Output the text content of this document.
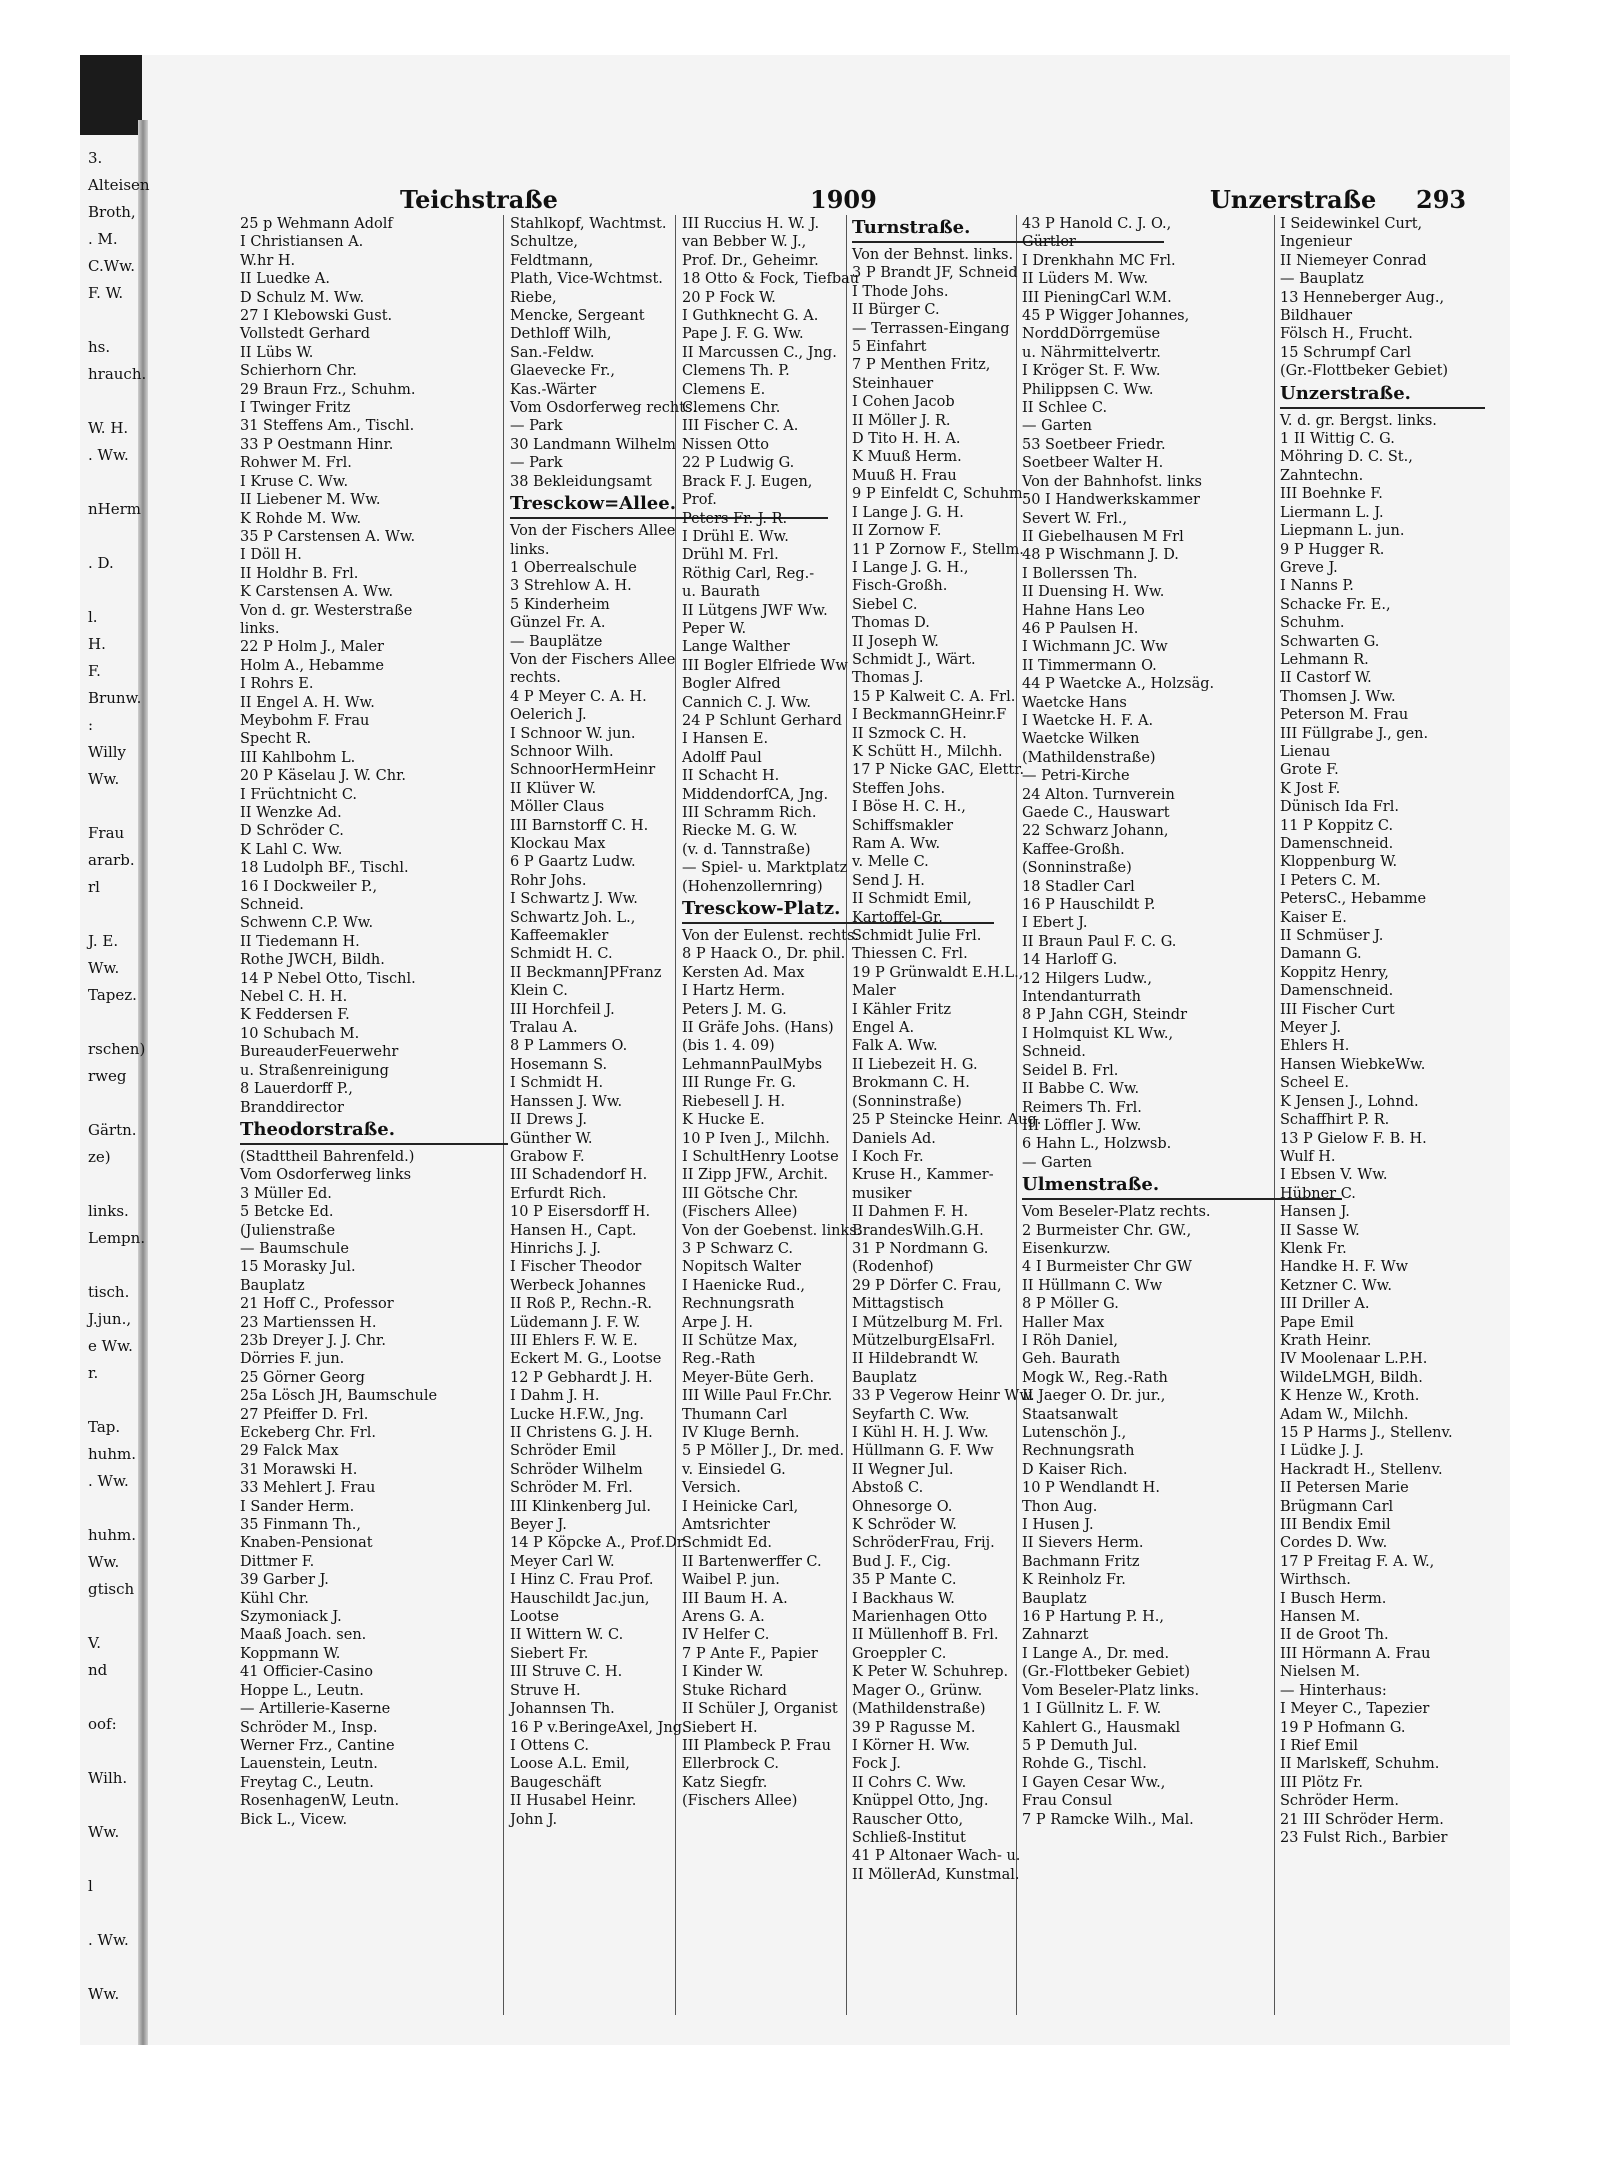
3.
Alteisen
Broth,
. M.
C.Ww.
F. W.
hs.
hrauch.
W. H.
. Ww.
nHerm
. D.
l.
H.
F.
Brunw.
:
Willy
Ww.
Frau
ararb.
rl
J. E.
Ww.
Tapez.
rschen)
rweg
Gärtn.
ze)
links.
Lempn.
tisch.
J.jun.,
e Ww.
r.
Tap.
huhm.
. Ww.
huhm.
Ww.
gtisch
V.
nd
oof:
Wilh.
Ww.
l
. Ww.
Ww.
Teichstraße	1909	Unzerstraße 293
25 p Wehmann Adolf
I Christiansen A.
W.hr H.
II Luedke A.
D Schulz M. Ww.
27 I Klebowski Gust.
Vollstedt Gerhard
II Lübs W.
Schierhorn Chr.
29 Braun Frz., Schuhm.
I Twinger Fritz
31 Steffens Am., Tischl.
33 P Oestmann Hinr.
Rohwer M. Frl.
I Kruse C. Ww.
II Liebener M. Ww.
K Rohde M. Ww.
35 P Carstensen A. Ww.
I Döll H.
II Holdhr B. Frl.
K Carstensen A. Ww.
Von d. gr. Westerstraße
links.
22 P Holm J., Maler
Holm A., Hebamme
I Rohrs E.
II Engel A. H. Ww.
Meybohm F. Frau
Specht R.
III Kahlbohm L.
20 P Käselau J. W. Chr.
I Früchtnicht C.
II Wenzke Ad.
D Schröder C.
K Lahl C. Ww.
18 Ludolph BF., Tischl.
16 I Dockweiler P.,
Schneid.
Schwenn C.P. Ww.
II Tiedemann H.
Rothe JWCH, Bildh.
14 P Nebel Otto, Tischl.
Nebel C. H. H.
K Feddersen F.
10 Schubach M.
BureauderFeuerwehr
u. Straßenreinigung
8 Lauerdorff P.,
Branddirector
Theodorstraße.
(Stadttheil Bahrenfeld.)
Vom Osdorferweg links
3 Müller Ed.
5 Betcke Ed.
(Julienstraße
— Baumschule
15 Morasky Jul.
Bauplatz
21 Hoff C., Professor
23 Martienssen H.
23b Dreyer J. J. Chr.
Dörries F. jun.
25 Görner Georg
25a Lösch JH, Baumschule
27 Pfeiffer D. Frl.
Eckeberg Chr. Frl.
29 Falck Max
31 Morawski H.
33 Mehlert J. Frau
I Sander Herm.
35 Finmann Th.,
Knaben-Pensionat
Dittmer F.
39 Garber J.
Kühl Chr.
Szymoniack J.
Maaß Joach. sen.
Koppmann W.
41 Officier-Casino
Hoppe L., Leutn.
— Artillerie-Kaserne
Schröder M., Insp.
Werner Frz., Cantine
Lauenstein, Leutn.
Freytag C., Leutn.
RosenhagenW, Leutn.
Bick L., Vicew.
Stahlkopf, Wachtmst.
Schultze,
Feldtmann,
Plath, Vice-Wchtmst.
Riebe,
Mencke, Sergeant
Dethloff Wilh,
San.-Feldw.
Glaevecke Fr.,
Kas.-Wärter
Vom Osdorferweg rechts.
— Park
30 Landmann Wilhelm
— Park
38 Bekleidungsamt
Tresckow=Allee.
Von der Fischers Allee
links.
1 Oberrealschule
3 Strehlow A. H.
5 Kinderheim
Günzel Fr. A.
— Bauplätze
Von der Fischers Allee
rechts.
4 P Meyer C. A. H.
Oelerich J.
I Schnoor W. jun.
Schnoor Wilh.
SchnoorHermHeinr
II Klüver W.
Möller Claus
III Barnstorff C. H.
Klockau Max
6 P Gaartz Ludw.
Rohr Johs.
I Schwartz J. Ww.
Schwartz Joh. L.,
Kaffeemakler
Schmidt H. C.
II BeckmannJPFranz
Klein C.
III Horchfeil J.
Tralau A.
8 P Lammers O.
Hosemann S.
I Schmidt H.
Hanssen J. Ww.
II Drews J.
Günther W.
Grabow F.
III Schadendorf H.
Erfurdt Rich.
10 P Eisersdorff H.
Hansen H., Capt.
Hinrichs J. J.
I Fischer Theodor
Werbeck Johannes
II Roß P., Rechn.-R.
Lüdemann J. F. W.
III Ehlers F. W. E.
Eckert M. G., Lootse
12 P Gebhardt J. H.
I Dahm J. H.
Lucke H.F.W., Jng.
II Christens G. J. H.
Schröder Emil
Schröder Wilhelm
Schröder M. Frl.
III Klinkenberg Jul.
Beyer J.
14 P Köpcke A., Prof.Dr.
Meyer Carl W.
I Hinz C. Frau Prof.
Hauschildt Jac.jun,
Lootse
II Wittern W. C.
Siebert Fr.
III Struve C. H.
Struve H.
Johannsen Th.
16 P v.BeringeAxel, Jng.
I Ottens C.
Loose A.L. Emil,
Baugeschäft
II Husabel Heinr.
John J.
III Ruccius H. W. J.
van Bebber W. J.,
Prof. Dr., Geheimr.
18 Otto & Fock, Tiefbau
20 P Fock W.
I Guthknecht G. A.
Pape J. F. G. Ww.
II Marcussen C., Jng.
Clemens Th. P.
Clemens E.
Clemens Chr.
III Fischer C. A.
Nissen Otto
22 P Ludwig G.
Brack F. J. Eugen,
Prof.
Peters Fr. J. R.
I Drühl E. Ww.
Drühl M. Frl.
Röthig Carl, Reg.-
u. Baurath
II Lütgens JWF Ww.
Peper W.
Lange Walther
III Bogler Elfriede Ww
Bogler Alfred
Cannich C. J. Ww.
24 P Schlunt Gerhard
I Hansen E.
Adolff Paul
II Schacht H.
MiddendorfCA, Jng.
III Schramm Rich.
Riecke M. G. W.
(v. d. Tannstraße)
— Spiel- u. Marktplatz
(Hohenzollernring)
Tresckow-Platz.
Von der Eulenst. rechts.
8 P Haack O., Dr. phil.
Kersten Ad. Max
I Hartz Herm.
Peters J. M. G.
II Gräfe Johs. (Hans)
(bis 1. 4. 09)
LehmannPaulMybs
III Runge Fr. G.
Riebesell J. H.
K Hucke E.
10 P Iven J., Milchh.
I SchultHenry Lootse
II Zipp JFW., Archit.
III Götsche Chr.
(Fischers Allee)
Von der Goebenst. links.
3 P Schwarz C.
Nopitsch Walter
I Haenicke Rud.,
Rechnungsrath
Arpe J. H.
II Schütze Max,
Reg.-Rath
Meyer-Büte Gerh.
III Wille Paul Fr.Chr.
Thumann Carl
IV Kluge Bernh.
5 P Möller J., Dr. med.
v. Einsiedel G.
Versich.
I Heinicke Carl,
Amtsrichter
Schmidt Ed.
II Bartenwerffer C.
Waibel P. jun.
III Baum H. A.
Arens G. A.
IV Helfer C.
7 P Ante F., Papier
I Kinder W.
Stuke Richard
II Schüler J, Organist
Siebert H.
III Plambeck P. Frau
Ellerbrock C.
Katz Siegfr.
(Fischers Allee)
Turnstraße.
Von der Behnst. links.
3 P Brandt JF, Schneid
I Thode Johs.
II Bürger C.
— Terrassen-Eingang
5 Einfahrt
7 P Menthen Fritz,
Steinhauer
I Cohen Jacob
II Möller J. R.
D Tito H. H. A.
K Muuß Herm.
Muuß H. Frau
9 P Einfeldt C, Schuhm.
I Lange J. G. H.
II Zornow F.
11 P Zornow F., Stellm.
I Lange J. G. H.,
Fisch-Großh.
Siebel C.
Thomas D.
II Joseph W.
Schmidt J., Wärt.
Thomas J.
15 P Kalweit C. A. Frl.
I BeckmannGHeinr.F
II Szmock C. H.
K Schütt H., Milchh.
17 P Nicke GAC, Elettr.
Steffen Johs.
I Böse H. C. H.,
Schiffsmakler
Ram A. Ww.
v. Melle C.
Send J. H.
II Schmidt Emil,
Kartoffel-Gr.
Schmidt Julie Frl.
Thiessen C. Frl.
19 P Grünwaldt E.H.L.,
Maler
I Kähler Fritz
Engel A.
Falk A. Ww.
II Liebezeit H. G.
Brokmann C. H.
(Sonninstraße)
25 P Steincke Heinr. Aug.
Daniels Ad.
I Koch Fr.
Kruse H., Kammer-
musiker
II Dahmen F. H.
BrandesWilh.G.H.
31 P Nordmann G.
(Rodenhof)
29 P Dörfer C. Frau,
Mittagstisch
I Mützelburg M. Frl.
MützelburgElsaFrl.
II Hildebrandt W.
Bauplatz
33 P Vegerow Heinr Ww.
Seyfarth C. Ww.
I Kühl H. H. J. Ww.
Hüllmann G. F. Ww
II Wegner Jul.
Abstoß C.
Ohnesorge O.
K Schröder W.
SchröderFrau, Frij.
Bud J. F., Cig.
35 P Mante C.
I Backhaus W.
Marienhagen Otto
II Müllenhoff B. Frl.
Groeppler C.
K Peter W. Schuhrep.
Mager O., Grünw.
(Mathildenstraße)
39 P Ragusse M.
I Körner H. Ww.
Fock J.
II Cohrs C. Ww.
Knüppel Otto, Jng.
Rauscher Otto,
Schließ-Institut
41 P Altonaer Wach- u.
II MöllerAd, Kunstmal.
43 P Hanold C. J. O.,
Gürtler
I Drenkhahn MC Frl.
II Lüders M. Ww.
III PieningCarl W.M.
45 P Wigger Johannes,
NorddDörrgemüse
u. Nährmittelvertr.
I Kröger St. F. Ww.
Philippsen C. Ww.
II Schlee C.
— Garten
53 Soetbeer Friedr.
Soetbeer Walter H.
Von der Bahnhofst. links
50 I Handwerkskammer
Severt W. Frl.,
II Giebelhausen M Frl
48 P Wischmann J. D.
I Bollerssen Th.
II Duensing H. Ww.
Hahne Hans Leo
46 P Paulsen H.
I Wichmann JC. Ww
II Timmermann O.
44 P Waetcke A., Holzsäg.
Waetcke Hans
I Waetcke H. F. A.
Waetcke Wilken
(Mathildenstraße)
— Petri-Kirche
24 Alton. Turnverein
Gaede C., Hauswart
22 Schwarz Johann,
Kaffee-Großh.
(Sonninstraße)
18 Stadler Carl
16 P Hauschildt P.
I Ebert J.
II Braun Paul F. C. G.
14 Harloff G.
12 Hilgers Ludw.,
Intendanturrath
8 P Jahn CGH, Steindr
I Holmquist KL Ww.,
Schneid.
Seidel B. Frl.
II Babbe C. Ww.
Reimers Th. Frl.
III Löffler J. Ww.
6 Hahn L., Holzwsb.
— Garten
Ulmenstraße.
Vom Beseler-Platz rechts.
2 Burmeister Chr. GW.,
Eisenkurzw.
4 I Burmeister Chr GW
II Hüllmann C. Ww
8 P Möller G.
Haller Max
I Röh Daniel,
Geh. Baurath
Mogk W., Reg.-Rath
II Jaeger O. Dr. jur.,
Staatsanwalt
Lutenschön J.,
Rechnungsrath
D Kaiser Rich.
10 P Wendlandt H.
Thon Aug.
I Husen J.
II Sievers Herm.
Bachmann Fritz
K Reinholz Fr.
Bauplatz
16 P Hartung P. H.,
Zahnarzt
I Lange A., Dr. med.
(Gr.-Flottbeker Gebiet)
Vom Beseler-Platz links.
1 I Güllnitz L. F. W.
Kahlert G., Hausmakl
5 P Demuth Jul.
Rohde G., Tischl.
I Gayen Cesar Ww.,
Frau Consul
7 P Ramcke Wilh., Mal.
I Seidewinkel Curt,
Ingenieur
II Niemeyer Conrad
— Bauplatz
13 Henneberger Aug.,
Bildhauer
Fölsch H., Frucht.
15 Schrumpf Carl
(Gr.-Flottbeker Gebiet)
Unzerstraße.
V. d. gr. Bergst. links.
1 II Wittig C. G.
Möhring D. C. St.,
Zahntechn.
III Boehnke F.
Liermann L. J.
Liepmann L. jun.
9 P Hugger R.
Greve J.
I Nanns P.
Schacke Fr. E.,
Schuhm.
Schwarten G.
Lehmann R.
II Castorf W.
Thomsen J. Ww.
Peterson M. Frau
III Füllgrabe J., gen.
Lienau
Grote F.
K Jost F.
Dünisch Ida Frl.
11 P Koppitz C.
Damenschneid.
Kloppenburg W.
I Peters C. M.
PetersC., Hebamme
Kaiser E.
II Schmüser J.
Damann G.
Koppitz Henry,
Damenschneid.
III Fischer Curt
Meyer J.
Ehlers H.
Hansen WiebkeWw.
Scheel E.
K Jensen J., Lohnd.
Schaffhirt P. R.
13 P Gielow F. B. H.
Wulf H.
I Ebsen V. Ww.
Hübner C.
Hansen J.
II Sasse W.
Klenk Fr.
Handke H. F. Ww
Ketzner C. Ww.
III Driller A.
Pape Emil
Krath Heinr.
IV Moolenaar L.P.H.
WildeLMGH, Bildh.
K Henze W., Kroth.
Adam W., Milchh.
15 P Harms J., Stellenv.
I Lüdke J. J.
Hackradt H., Stellenv.
II Petersen Marie
Brügmann Carl
III Bendix Emil
Cordes D. Ww.
17 P Freitag F. A. W.,
Wirthsch.
I Busch Herm.
Hansen M.
II de Groot Th.
III Hörmann A. Frau
Nielsen M.
— Hinterhaus:
I Meyer C., Tapezier
19 P Hofmann G.
I Rief Emil
II Marlskeff, Schuhm.
III Plötz Fr.
Schröder Herm.
21 III Schröder Herm.
23 Fulst Rich., Barbier
